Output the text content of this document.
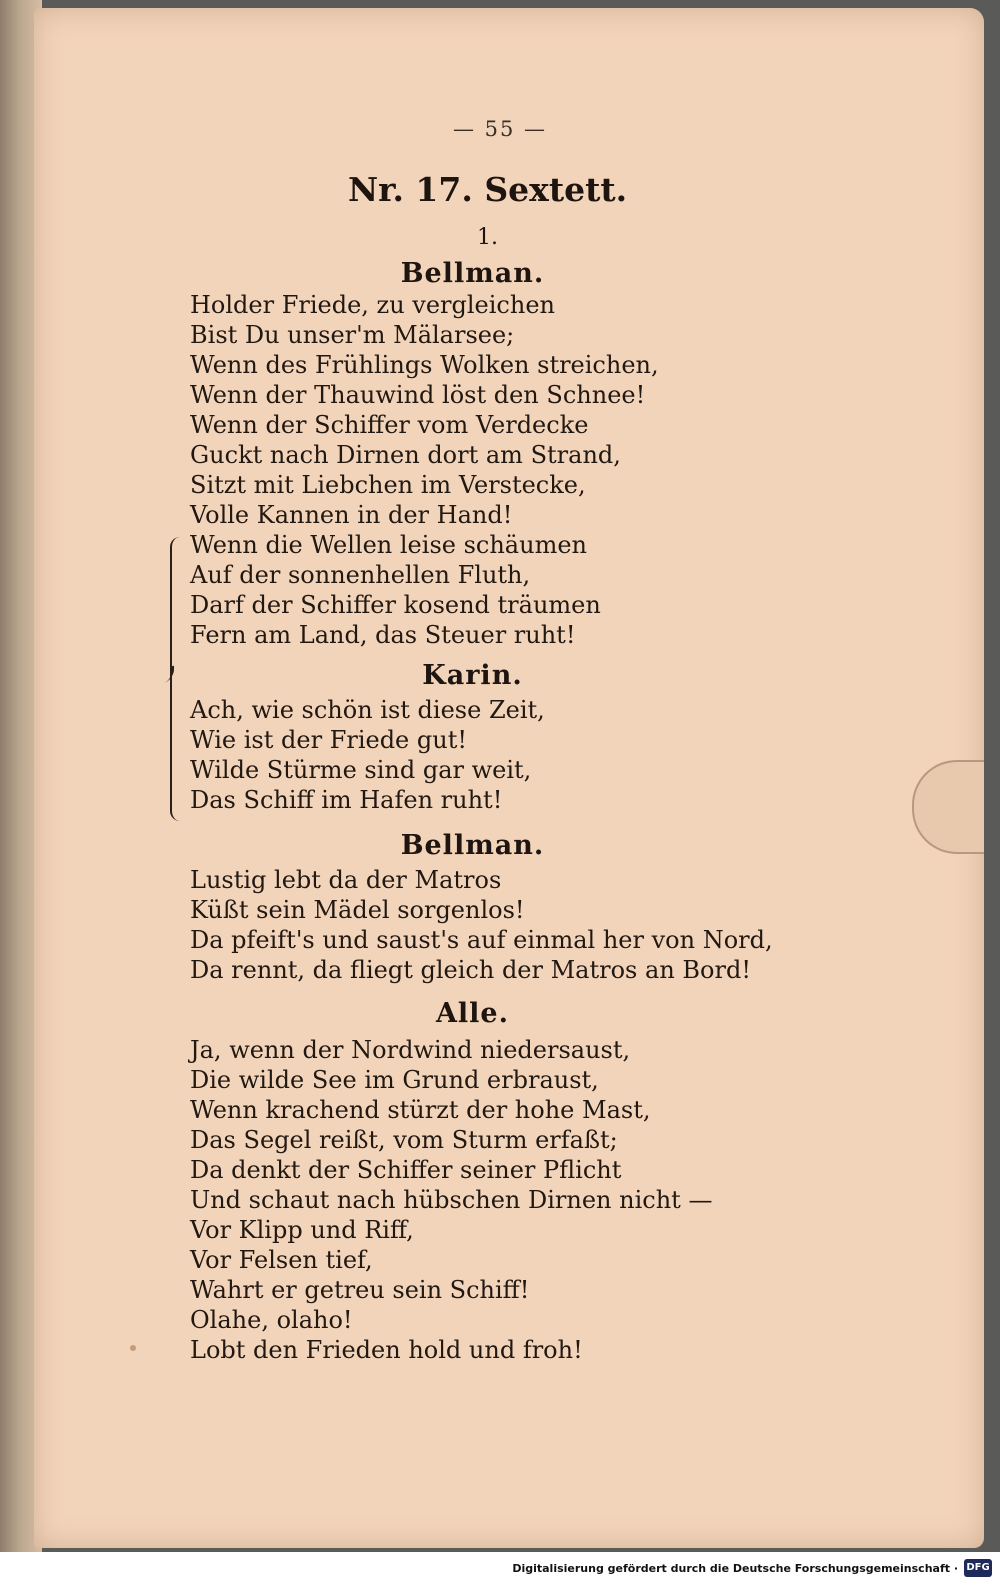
— 55 —
Nr. 17. Sextett.
1.
Bellman.
Holder Friede, zu vergleichen
Bist Du unser'm Mälarsee;
Wenn des Frühlings Wolken streichen,
Wenn der Thauwind löst den Schnee!
Wenn der Schiffer vom Verdecke
Guckt nach Dirnen dort am Strand,
Sitzt mit Liebchen im Verstecke,
Volle Kannen in der Hand!
Wenn die Wellen leise schäumen
Auf der sonnenhellen Fluth,
Darf der Schiffer kosend träumen
Fern am Land, das Steuer ruht!
Karin.
Ach, wie schön ist diese Zeit,
Wie ist der Friede gut!
Wilde Stürme sind gar weit,
Das Schiff im Hafen ruht!
Bellman.
Lustig lebt da der Matros
Küßt sein Mädel sorgenlos!
Da pfeift's und saust's auf einmal her von Nord,
Da rennt, da fliegt gleich der Matros an Bord!
Alle.
Ja, wenn der Nordwind niedersaust,
Die wilde See im Grund erbraust,
Wenn krachend stürzt der hohe Mast,
Das Segel reißt, vom Sturm erfaßt;
Da denkt der Schiffer seiner Pflicht
Und schaut nach hübschen Dirnen nicht —
Vor Klipp und Riff,
Vor Felsen tief,
Wahrt er getreu sein Schiff!
Olahe, olaho!
Lobt den Frieden hold und froh!
Digitalisierung gefördert durch die Deutsche Forschungsgemeinschaft · DFG
